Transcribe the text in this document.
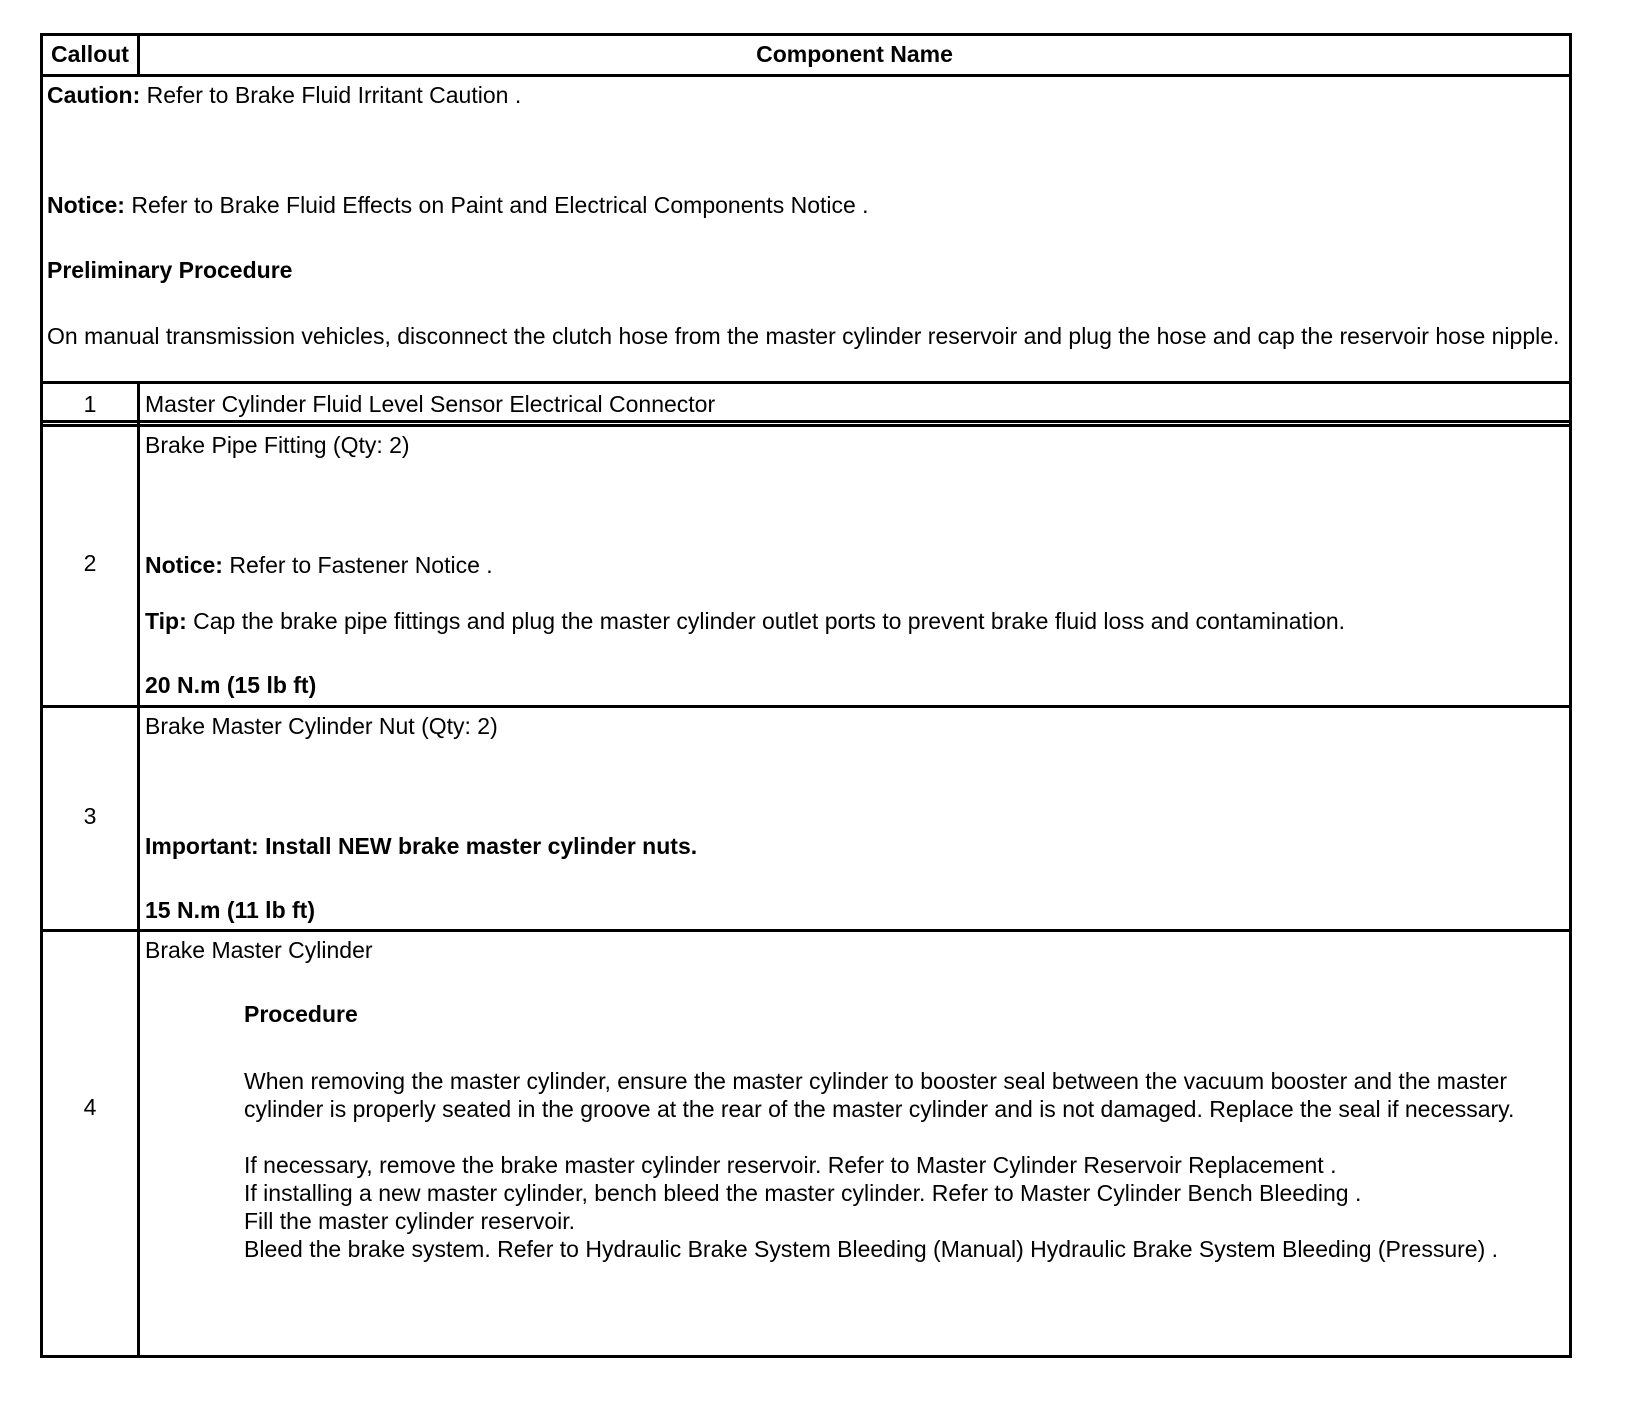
Callout	Component Name
Caution: Refer to Brake Fluid Irritant Caution .
Notice: Refer to Brake Fluid Effects on Paint and Electrical Components Notice .
Preliminary Procedure
On manual transmission vehicles, disconnect the clutch hose from the master cylinder reservoir and plug the hose and cap the reservoir hose nipple.
1	Master Cylinder Fluid Level Sensor Electrical Connector
2
Brake Pipe Fitting (Qty: 2)
Notice: Refer to Fastener Notice .
Tip: Cap the brake pipe fittings and plug the master cylinder outlet ports to prevent brake fluid loss and contamination.
20 N.m (15 lb ft)
3
Brake Master Cylinder Nut (Qty: 2)
Important: Install NEW brake master cylinder nuts.
15 N.m (11 lb ft)
4
Brake Master Cylinder
Procedure
When removing the master cylinder, ensure the master cylinder to booster seal between the vacuum booster and the master cylinder is properly seated in the groove at the rear of the master cylinder and is not damaged. Replace the seal if necessary.
If necessary, remove the brake master cylinder reservoir. Refer to Master Cylinder Reservoir Replacement .
If installing a new master cylinder, bench bleed the master cylinder. Refer to Master Cylinder Bench Bleeding .
Fill the master cylinder reservoir.
Bleed the brake system. Refer to Hydraulic Brake System Bleeding (Manual) Hydraulic Brake System Bleeding (Pressure) .
